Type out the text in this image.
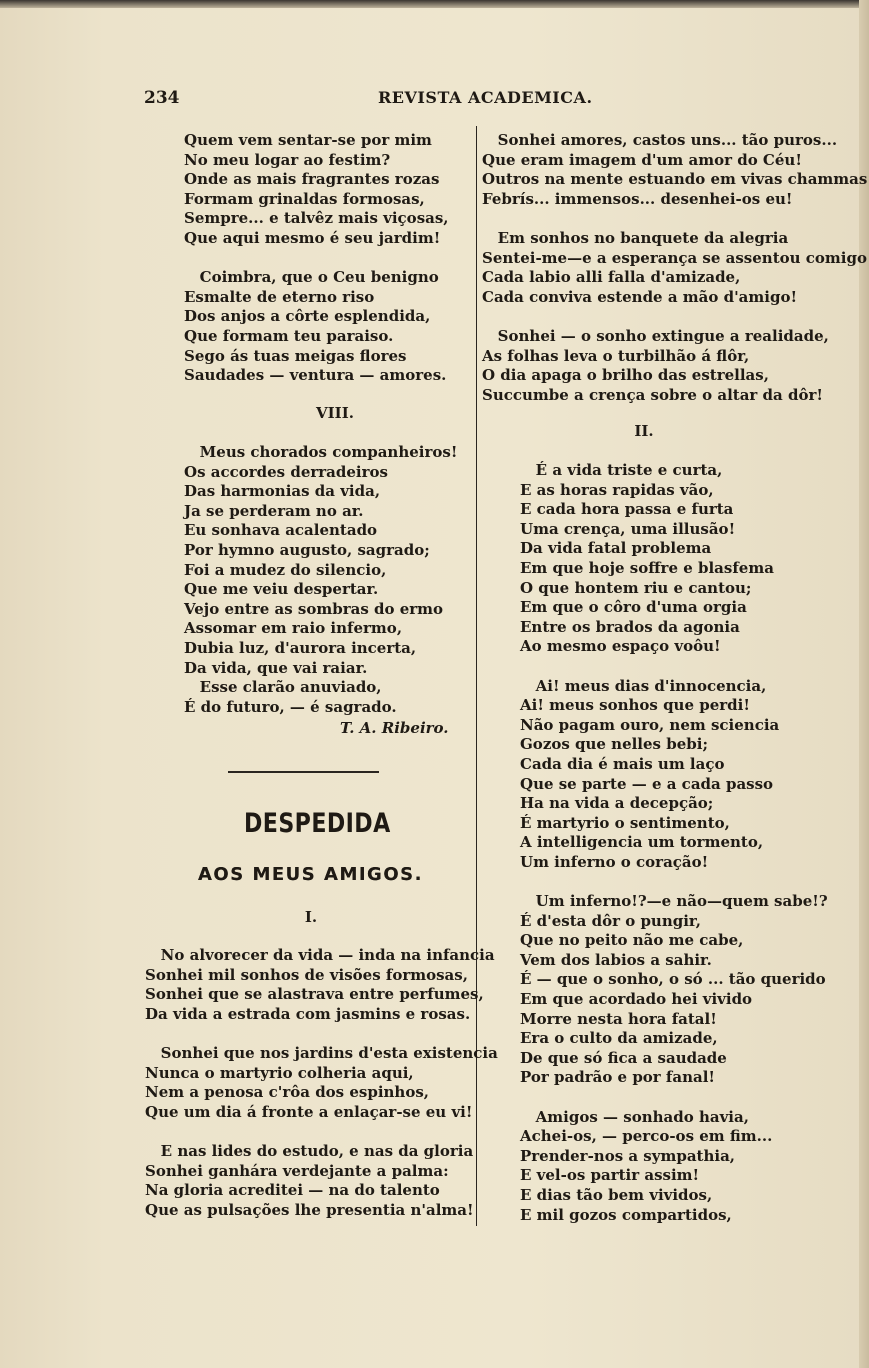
234	REVISTA ACADEMICA.
Quem vem sentar-se por mim
No meu logar ao festim?
Onde as mais fragrantes rozas
Formam grinaldas formosas,
Sempre... e talvêz mais viçosas,
Que aqui mesmo é seu jardim!
Coimbra, que o Ceu benigno
Esmalte de eterno riso
Dos anjos a côrte esplendida,
Que formam teu paraiso.
Sego ás tuas meigas flores
Saudades — ventura — amores.
VIII.
Meus chorados companheiros!
Os accordes derradeiros
Das harmonias da vida,
Ja se perderam no ar.
Eu sonhava acalentado
Por hymno augusto, sagrado;
Foi a mudez do silencio,
Que me veiu despertar.
Vejo entre as sombras do ermo
Assomar em raio infermo,
Dubia luz, d'aurora incerta,
Da vida, que vai raiar.
Esse clarão anuviado,
É do futuro, — é sagrado.
T. A. Ribeiro.
DESPEDIDA
AOS MEUS AMIGOS.
I.
No alvorecer da vida — inda na infancia
Sonhei mil sonhos de visões formosas,
Sonhei que se alastrava entre perfumes,
Da vida a estrada com jasmins e rosas.
Sonhei que nos jardins d'esta existencia
Nunca o martyrio colheria aqui,
Nem a penosa c'rôa dos espinhos,
Que um dia á fronte a enlaçar-se eu vi!
E nas lides do estudo, e nas da gloria
Sonhei ganhára verdejante a palma:
Na gloria acreditei — na do talento
Que as pulsações lhe presentia n'alma!
Sonhei amores, castos uns... tão puros...
Que eram imagem d'um amor do Céu!
Outros na mente estuando em vivas chammas
Febrís... immensos... desenhei-os eu!
Em sonhos no banquete da alegria
Sentei-me—e a esperança se assentou comigo
Cada labio alli falla d'amizade,
Cada conviva estende a mão d'amigo!
Sonhei — o sonho extingue a realidade,
As folhas leva o turbilhão á flôr,
O dia apaga o brilho das estrellas,
Succumbe a crença sobre o altar da dôr!
II.
É a vida triste e curta,
E as horas rapidas vão,
E cada hora passa e furta
Uma crença, uma illusão!
Da vida fatal problema
Em que hoje soffre e blasfema
O que hontem riu e cantou;
Em que o côro d'uma orgia
Entre os brados da agonia
Ao mesmo espaço voôu!
Ai! meus dias d'innocencia,
Ai! meus sonhos que perdi!
Não pagam ouro, nem sciencia
Gozos que nelles bebi;
Cada dia é mais um laço
Que se parte — e a cada passo
Ha na vida a decepção;
É martyrio o sentimento,
A intelligencia um tormento,
Um inferno o coração!
Um inferno!?—e não—quem sabe!?
É d'esta dôr o pungir,
Que no peito não me cabe,
Vem dos labios a sahir.
É — que o sonho, o só ... tão querido
Em que acordado hei vivido
Morre nesta hora fatal!
Era o culto da amizade,
De que só fica a saudade
Por padrão e por fanal!
Amigos — sonhado havia,
Achei-os, — perco-os em fim...
Prender-nos a sympathia,
E vel-os partir assim!
E dias tão bem vividos,
E mil gozos compartidos,
